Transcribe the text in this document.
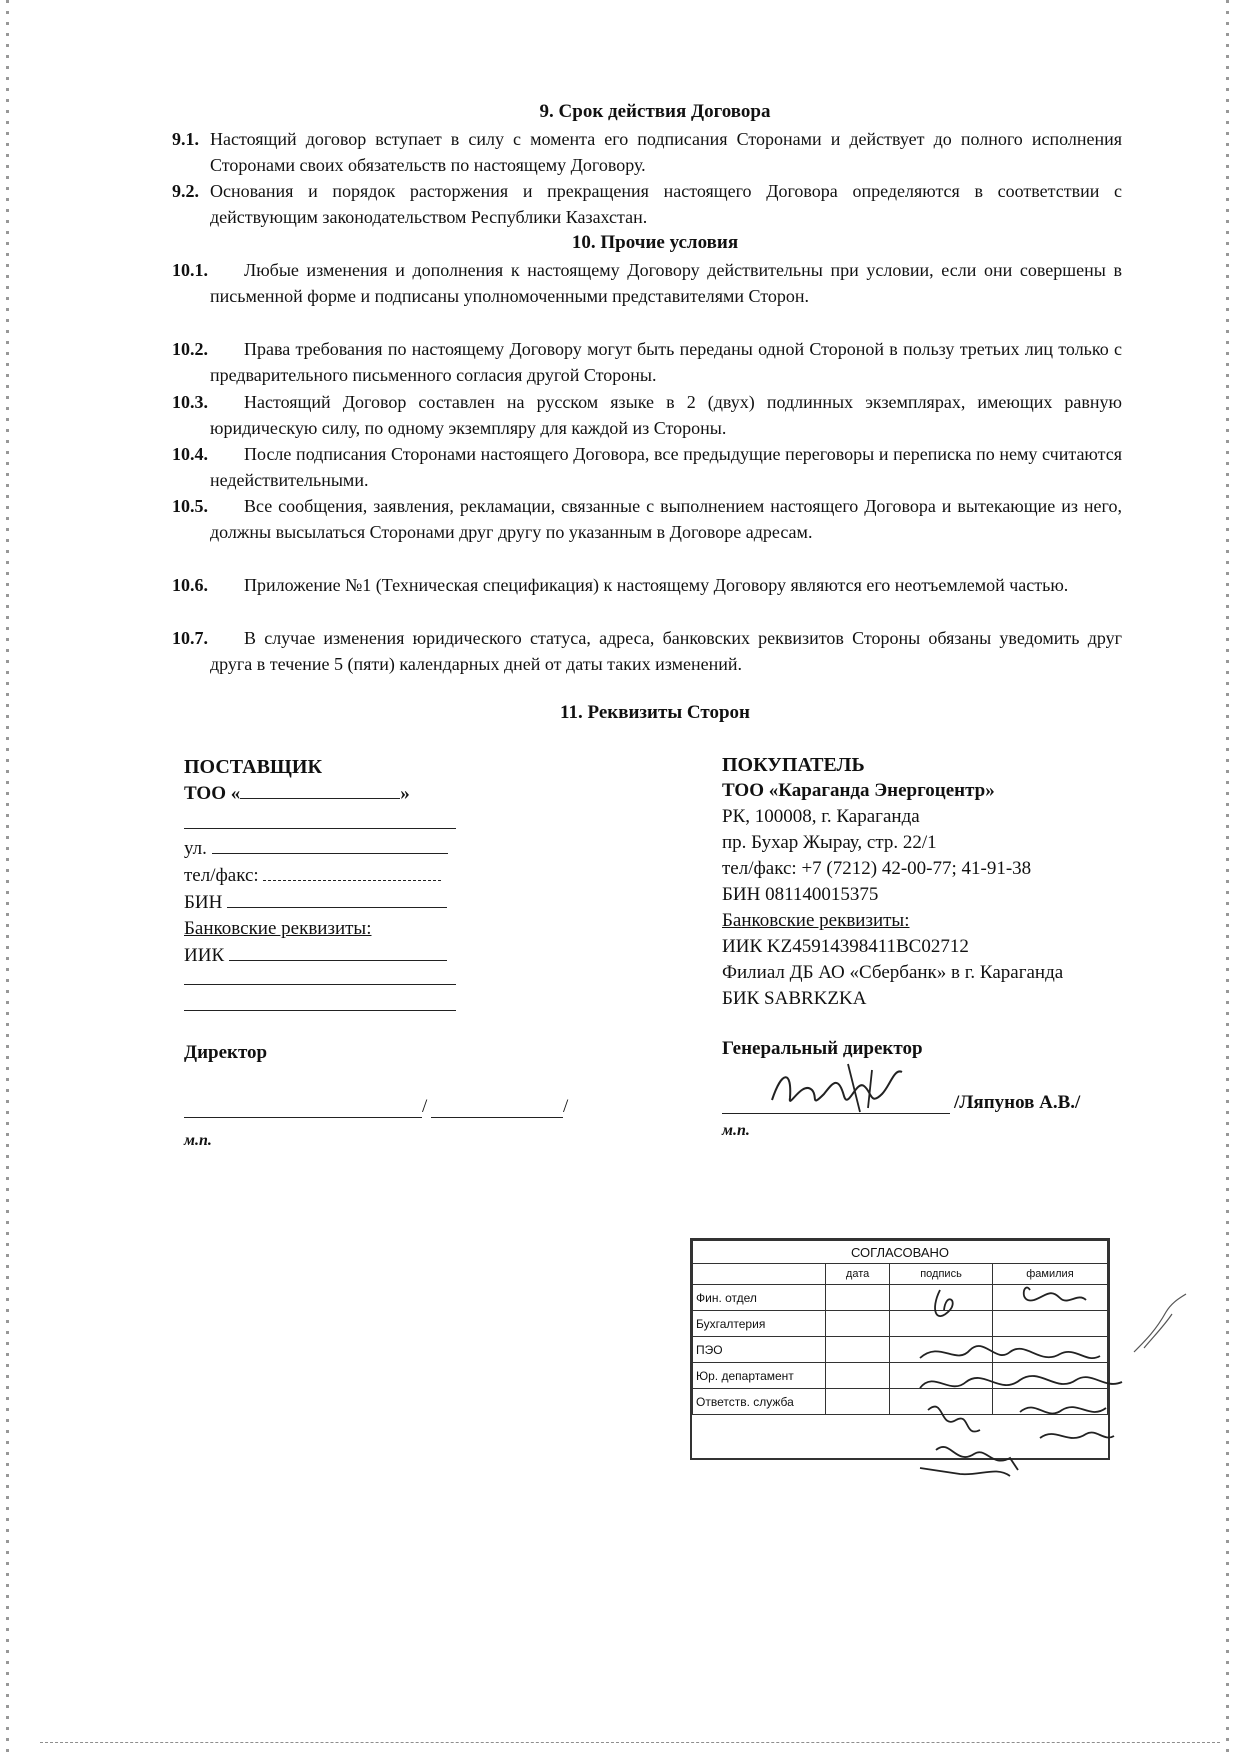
9. Срок действия Договора
9.1. Настоящий договор вступает в силу с момента его подписания Сторонами и действует до полного исполнения Сторонами своих обязательств по настоящему Договору.
9.2. Основания и порядок расторжения и прекращения настоящего Договора определяются в соответствии с действующим законодательством Республики Казахстан.
10. Прочие условия
10.1.	Любые изменения и дополнения к настоящему Договору действительны при условии, если они совершены в письменной форме и подписаны уполномоченными представителями Сторон.
10.2.	Права требования по настоящему Договору могут быть переданы одной Стороной в пользу третьих лиц только с предварительного письменного согласия другой Стороны.
10.3.	Настоящий Договор составлен на русском языке в 2 (двух) подлинных экземплярах, имеющих равную юридическую силу, по одному экземпляру для каждой из Стороны.
10.4.	После подписания Сторонами настоящего Договора, все предыдущие переговоры и переписка по нему считаются недействительными.
10.5.	Все сообщения, заявления, рекламации, связанные с выполнением настоящего Договора и вытекающие из него, должны высылаться Сторонами друг другу по указанным в Договоре адресам.
10.6.	Приложение №1 (Техническая спецификация) к настоящему Договору являются его неотъемлемой частью.
10.7.	В случае изменения юридического статуса, адреса, банковских реквизитов Стороны обязаны уведомить друг друга в течение 5 (пяти) календарных дней от даты таких изменений.
11. Реквизиты Сторон
ПОСТАВЩИК
ТОО «	»
ул.
тел/факс:
БИН
Банковские реквизиты:
ИИК
Директор
/	/
м.п.
ПОКУПАТЕЛЬ
ТОО «Караганда Энергоцентр»
РК, 100008, г. Караганда
пр. Бухар Жырау, стр. 22/1
тел/факс: +7 (7212) 42-00-77; 41-91-38
БИН 081140015375
Банковские реквизиты:
ИИК KZ45914398411BC02712
Филиал ДБ АО «Сбербанк» в г. Караганда
БИК SABRKZKA
Генеральный директор
/Ляпунов А.В./
м.п.
СОГЛАСОВАНО			
	дата	подпись	фамилия
Фин. отдел			
Бухгалтерия			
ПЭО			
Юр. департамент			
Ответств. служба			
